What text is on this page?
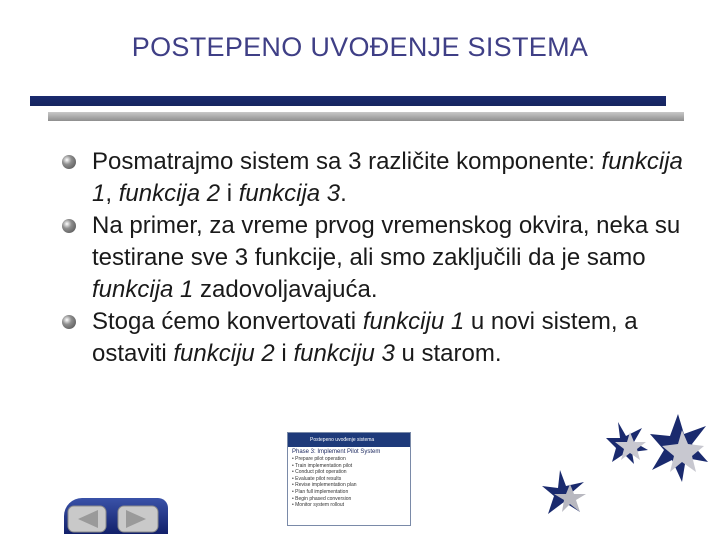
POSTEPENO UVOĐENJE SISTEMA
Posmatrajmo sistem sa 3 različite komponente: funkcija 1, funkcija 2 i funkcija 3.
Na primer, za vreme prvog vremenskog okvira, neka su testirane sve 3 funkcije, ali smo zaključili da je samo funkcija 1 zadovoljavajuća.
Stoga ćemo konvertovati funkciju 1 u novi sistem, a ostaviti funkciju 2 i funkciju 3 u starom.
Postepeno uvođenje sistema
Phase 3: Implement Pilot System
• Prepare pilot operation
• Train implementation pilot
• Conduct pilot operation
• Evaluate pilot results
• Revise implementation plan
• Plan full implementation
• Begin phased conversion
• Monitor system rollout
